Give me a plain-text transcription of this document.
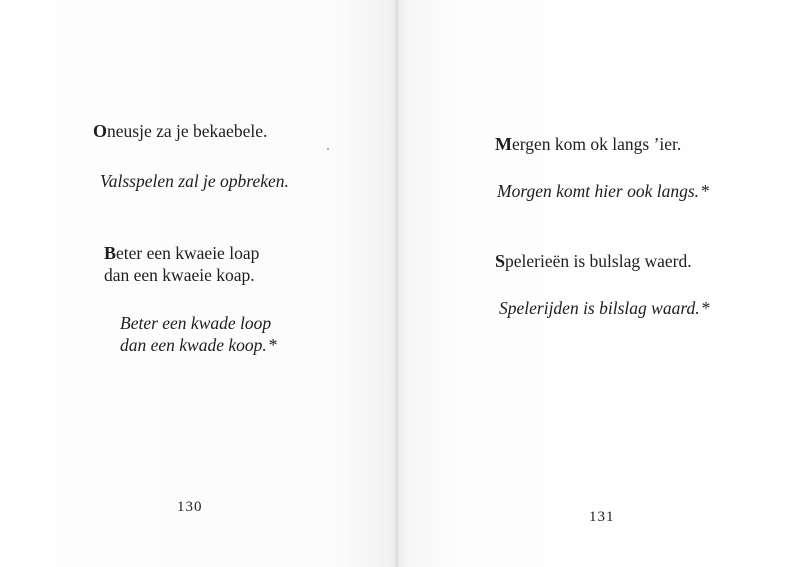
Oneusje za je bekaebele.
Valsspelen zal je opbreken.
Beter een kwaeie loap
dan een kwaeie koap.
Beter een kwade loop
dan een kwade koop. *
130
Mergen kom ok langs ’ier.
Morgen komt hier ook langs. *
Spelerieën is bulslag waerd.
Spelerijden is bilslag waard. *
131
